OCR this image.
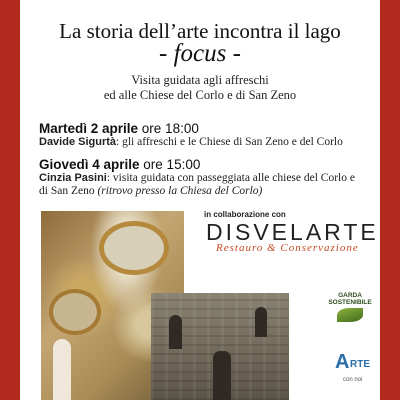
La storia dell’arte incontra il lago
- focus -
Visita guidata agli affreschi
ed alle Chiese del Corlo e di San Zeno
Martedì 2 aprile ore 18:00
Davide Sigurtà: gli affreschi e le Chiese di San Zeno e del Corlo
Giovedì 4 aprile ore 15:00
Cinzia Pasini: visita guidata con passeggiata alle chiese del Corlo e di San Zeno (ritrovo presso la Chiesa del Corlo)
in collaborazione con
DISVELARTE
Restauro & Conservazione
GARDA
SOSTENIBILE
A RTE
con noi
